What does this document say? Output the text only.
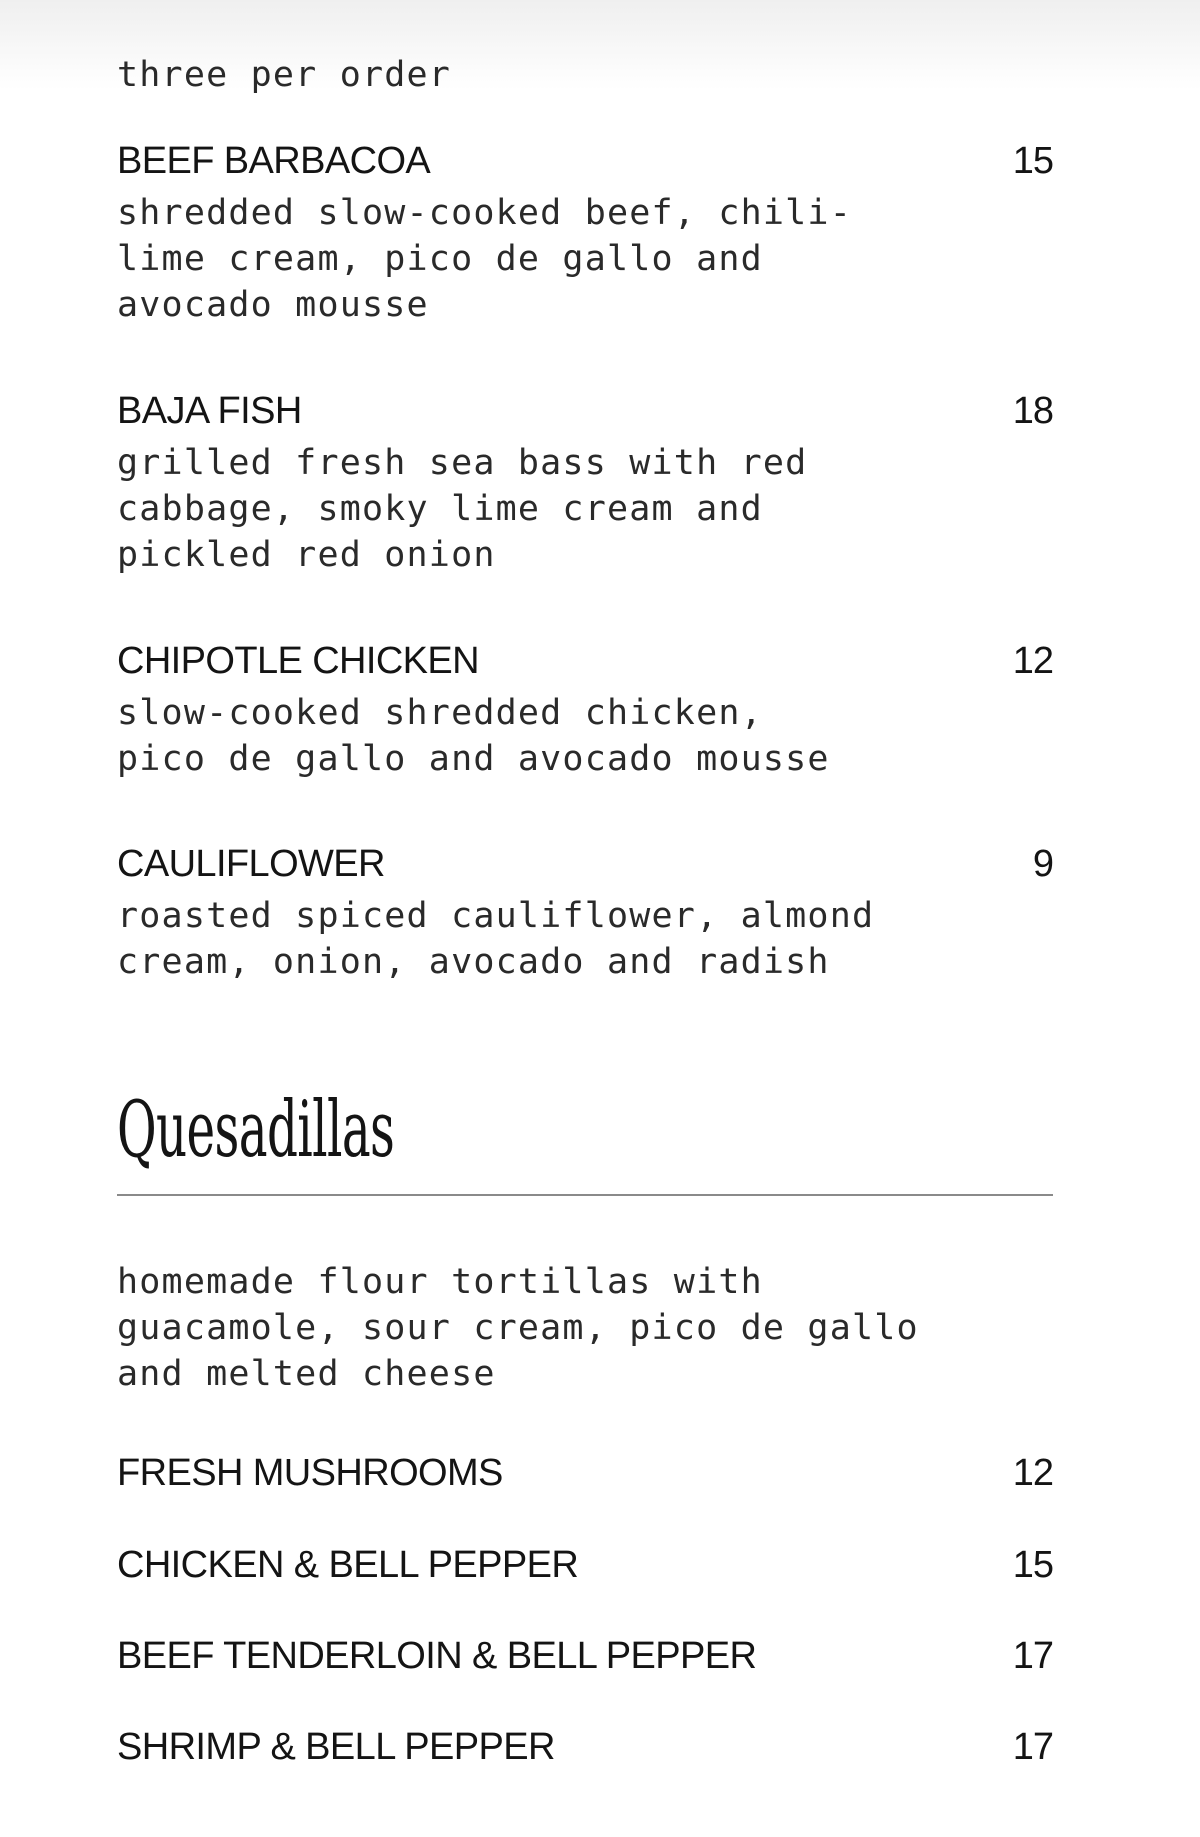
three per order
BEEF BARBACOA	15
shredded slow-cooked beef, chili-
lime cream, pico de gallo and
avocado mousse
BAJA FISH	18
grilled fresh sea bass with red
cabbage, smoky lime cream and
pickled red onion
CHIPOTLE CHICKEN	12
slow-cooked shredded chicken,
pico de gallo and avocado mousse
CAULIFLOWER	9
roasted spiced cauliflower, almond
cream, onion, avocado and radish
Quesadillas
homemade flour tortillas with
guacamole, sour cream, pico de gallo
and melted cheese
FRESH MUSHROOMS	12
CHICKEN & BELL PEPPER	15
BEEF TENDERLOIN & BELL PEPPER	17
SHRIMP & BELL PEPPER	17
